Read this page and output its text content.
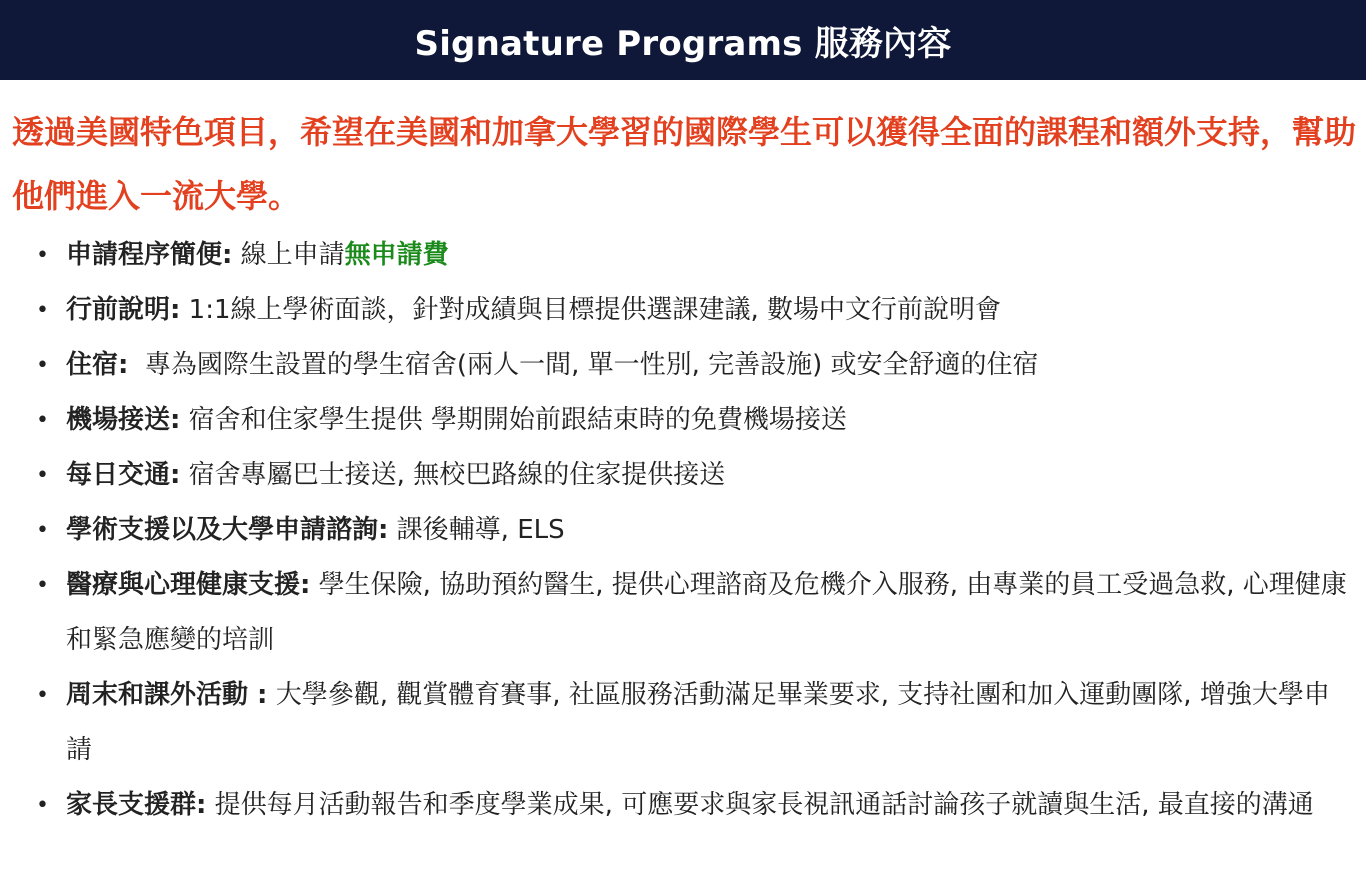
Signature Programs 服務內容

透過美國特色項目，希望在美國和加拿大學習的國際學生可以獲得全面的課程和額外支持，幫助他們進入一流大學。

• 申請程序簡便: 線上申請無申請費
• 行前說明: 1:1線上學術面談，針對成績與目標提供選課建議, 數場中文行前說明會
• 住宿:  專為國際生設置的學生宿舍(兩人一間, 單一性別, 完善設施) 或安全舒適的住宿
• 機場接送: 宿舍和住家學生提供 學期開始前跟結束時的免費機場接送
• 每日交通: 宿舍專屬巴士接送, 無校巴路線的住家提供接送
• 學術支援以及大學申請諮詢: 課後輔導, ELS
• 醫療與心理健康支援: 學生保險, 協助預約醫生, 提供心理諮商及危機介入服務, 由專業的員工受過急救, 心理健康和緊急應變的培訓
• 周末和課外活動 : 大學參觀, 觀賞體育賽事, 社區服務活動滿足畢業要求, 支持社團和加入運動團隊, 增強大學申請
• 家長支援群: 提供每月活動報告和季度學業成果, 可應要求與家長視訊通話討論孩子就讀與生活, 最直接的溝通
